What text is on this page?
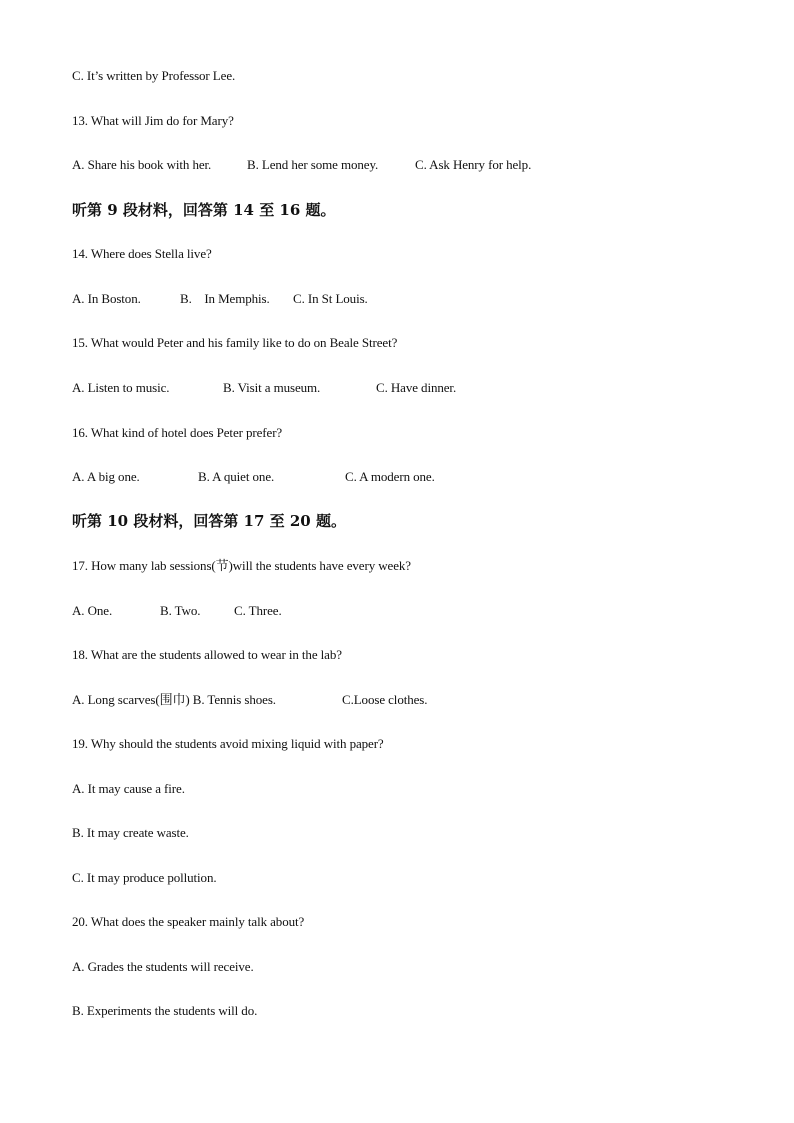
C. It’s written by Professor Lee.
13. What will Jim do for Mary?

A. Share his book with her.

	B. Lend her some money.

	C. Ask Henry for help.

听第 9 段材料，回答第 14 至 16 题。
14. Where does Stella live?

A. In Boston.

	B.    In Memphis.

C. In St Louis.

15. What would Peter and his family like to do on Beale Street?

A. Listen to music.

	B. Visit a museum.

	C. Have dinner.

16. What kind of hotel does Peter prefer?

A. A big one.

	B. A quiet one.

	C. A modern one.

听第 10 段材料，回答第 17 至 20 题。
17. How many lab sessions(节)will the students have every week?

A. One.

	B. Two.

	C. Three.

18. What are the students allowed to wear in the lab?

A. Long scarves(围巾) B. Tennis shoes.

	C.Loose clothes.

19. Why should the students avoid mixing liquid with paper?
A. It may cause a fire.
B. It may create waste.
C. It may produce pollution.
20. What does the speaker mainly talk about?
A. Grades the students will receive.
B. Experiments the students will do.
